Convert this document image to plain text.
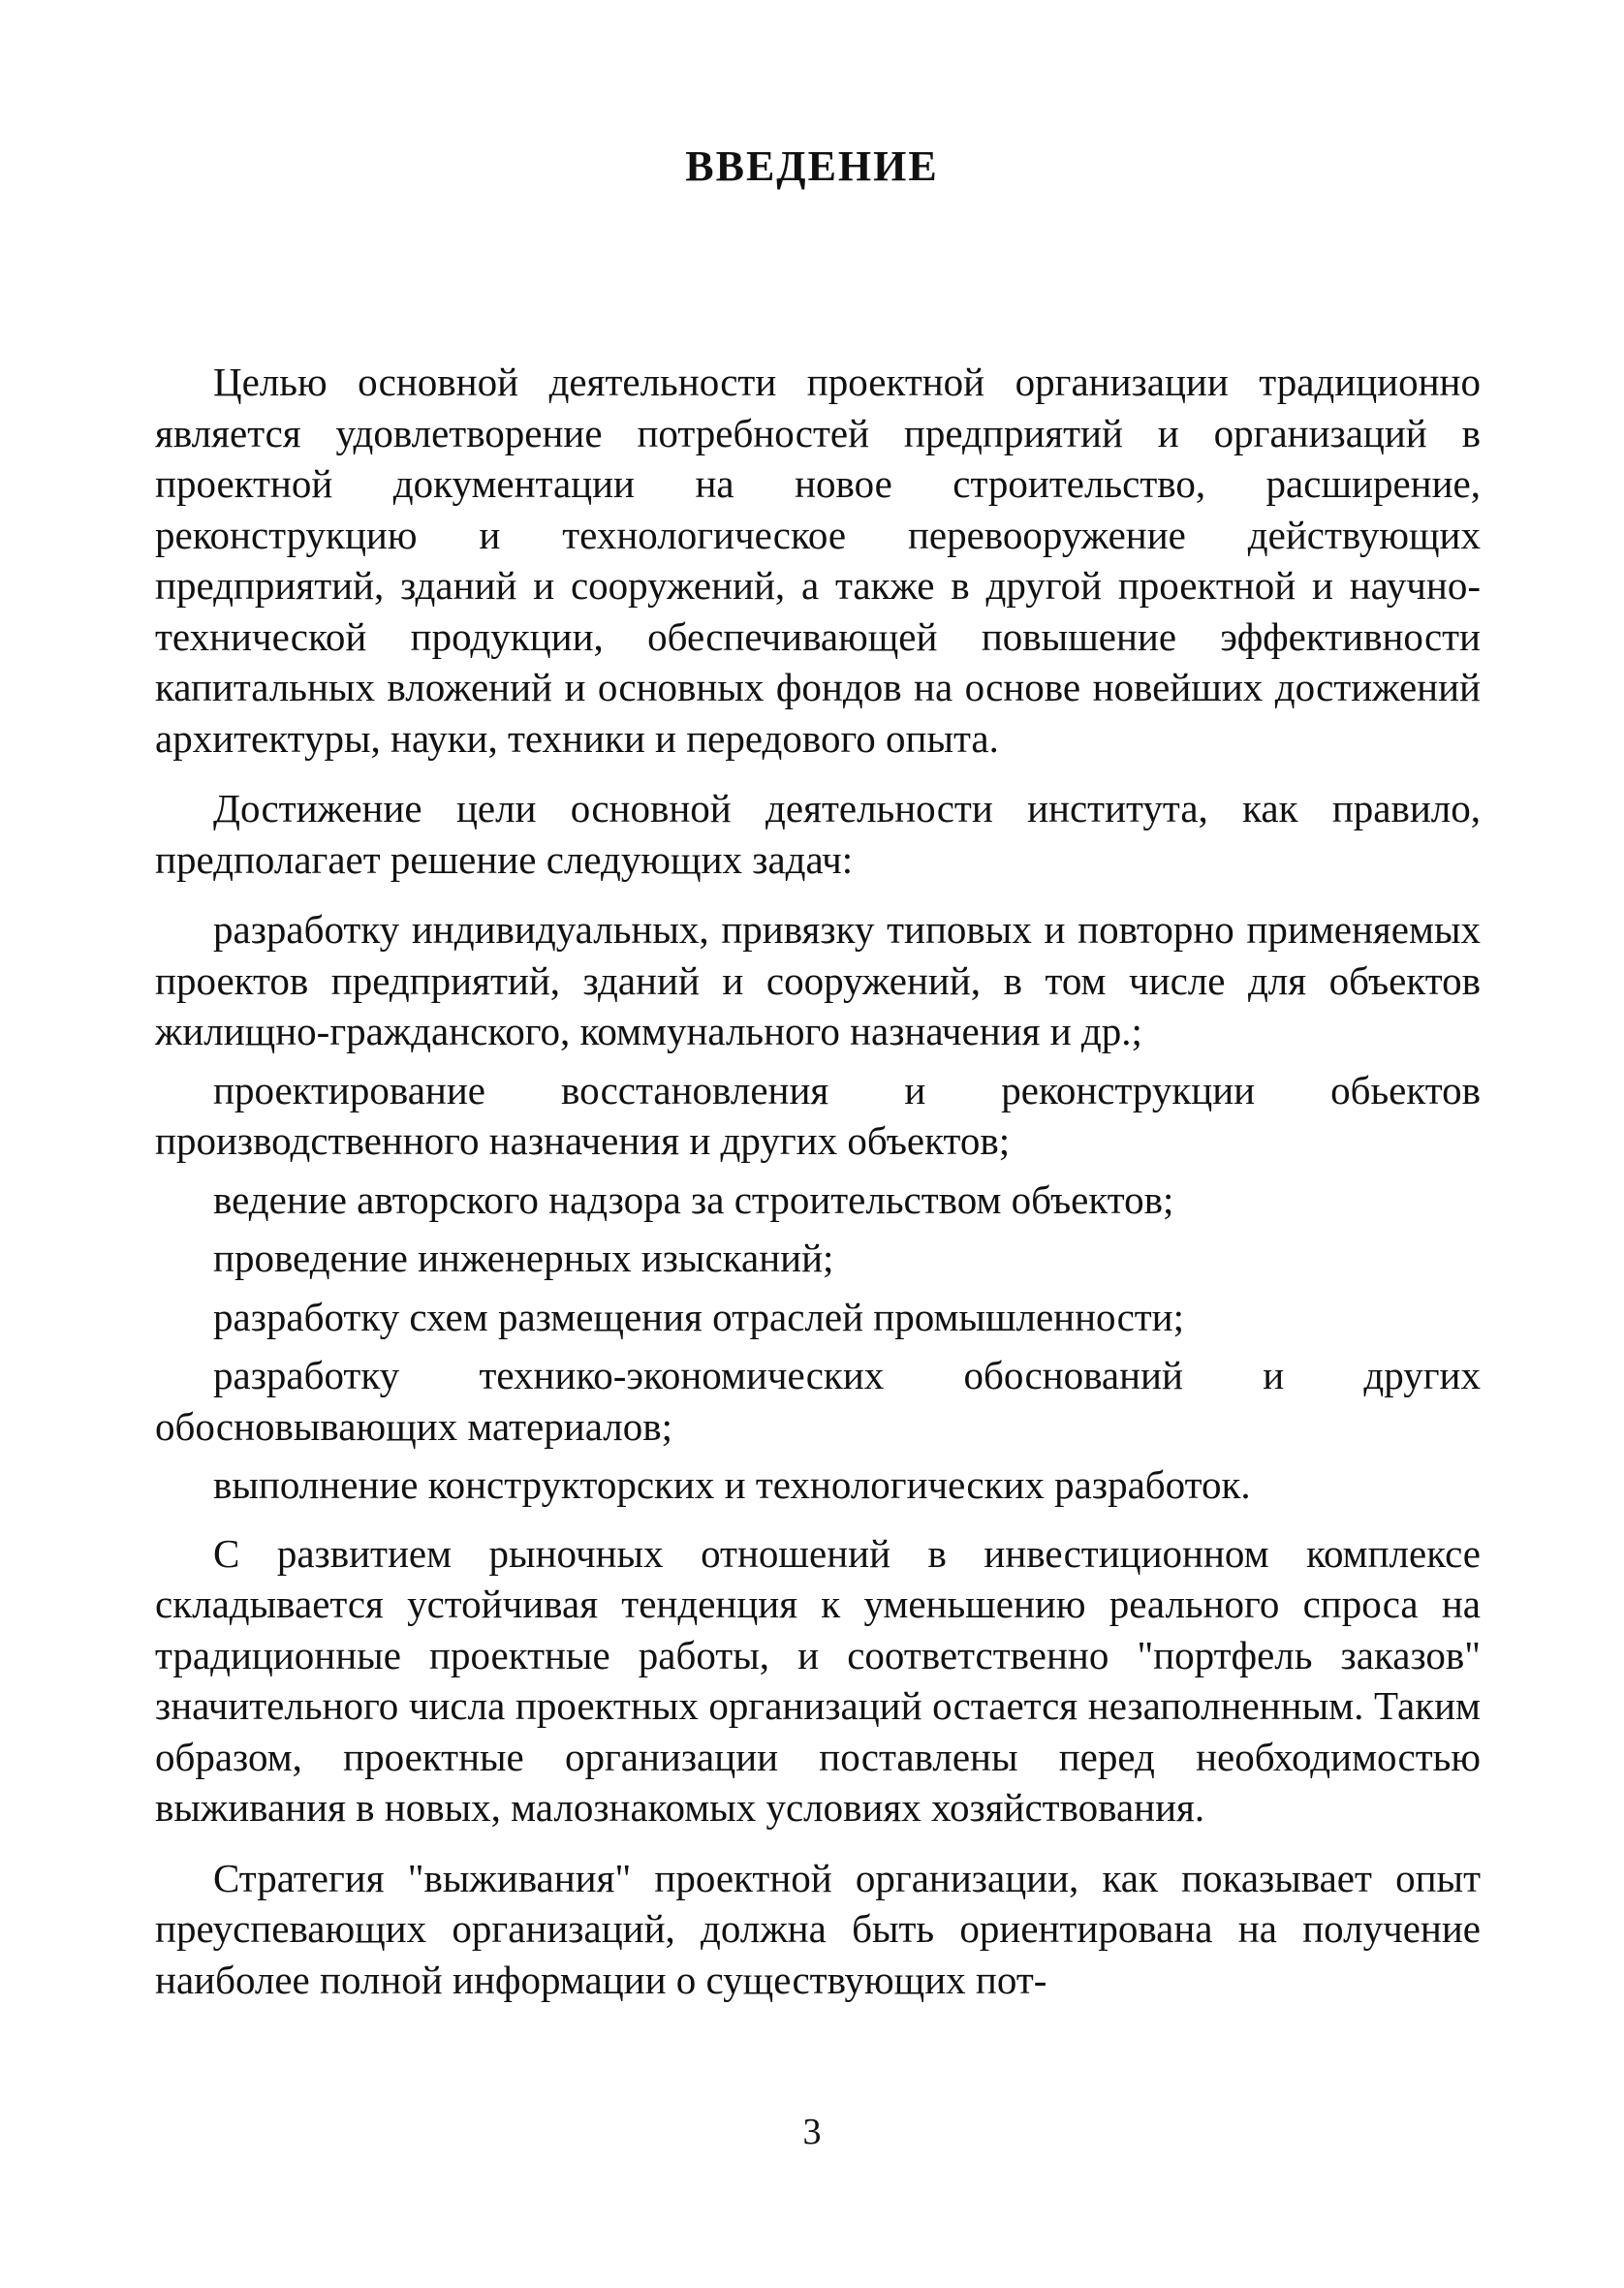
ВВЕДЕНИЕ

Целью основной деятельности проектной организации традиционно является удовлетворение потребностей предприятий и организаций в проектной документации на новое строительство, расширение, реконструкцию и технологическое перевооружение действующих предприятий, зданий и сооружений, а также в другой проектной и научно-технической продукции, обеспечивающей повышение эффективности капитальных вложений и основных фондов на основе новейших достижений архитектуры, науки, техники и передового опыта.

Достижение цели основной деятельности института, как правило, предполагает решение следующих задач:

разработку индивидуальных, привязку типовых и повторно применяемых проектов предприятий, зданий и сооружений, в том числе для объектов жилищно-гражданского, коммунального назначения и др.;

проектирование восстановления и реконструкции обьектов производственного назначения и других объектов;

ведение авторского надзора за строительством объектов;

проведение инженерных изысканий;

разработку схем размещения отраслей промышленности;

разработку технико-экономических обоснований и других обосновывающих материалов;

выполнение конструкторских и технологических разработок.

С развитием рыночных отношений в инвестиционном комплексе складывается устойчивая тенденция к уменьшению реального спроса на традиционные проектные работы, и соответственно "портфель заказов" значительного числа проектных организаций остается незаполненным. Таким образом, проектные организации поставлены перед необходимостью выживания в новых, малознакомых условиях хозяйствования.

Стратегия "выживания" проектной организации, как показывает опыт преуспевающих организаций, должна быть ориентирована на получение наиболее полной информации о существующих пот-

3
